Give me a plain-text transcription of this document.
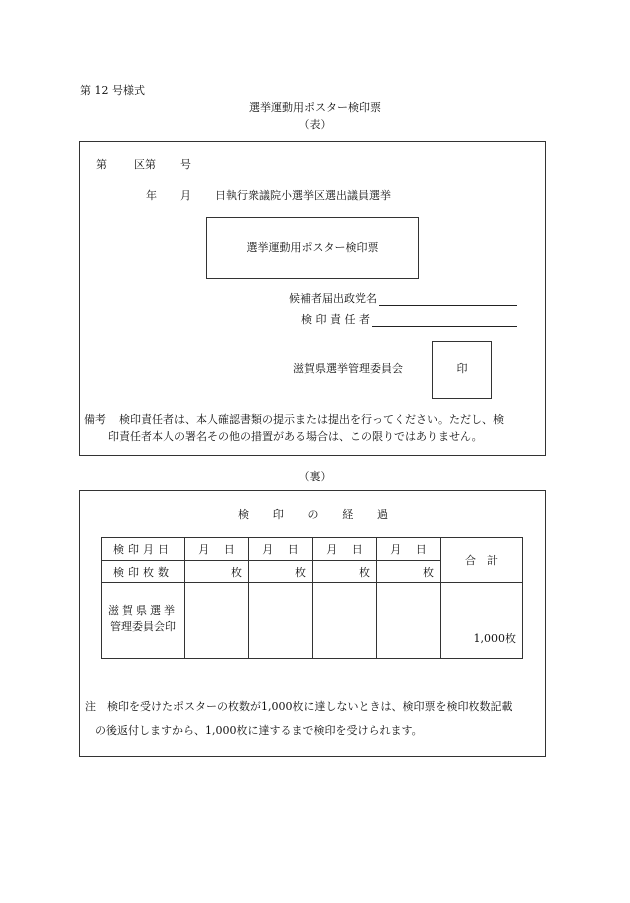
第 12 号様式
選挙運動用ポスター検印票
（表）
第 区第 号
年 月 日執行衆議院小選挙区選出議員選挙
選挙運動用ポスター検印票
候補者届出政党名
検 印 責 任 者
滋賀県選挙管理委員会	印
備考 検印責任者は、本人確認書類の提示または提出を行ってください。ただし、検
印責任者本人の署名その他の措置がある場合は、この限りではありません。
（裏）
検 印 の 経 過
検印月日	月 日	月 日	月 日	月 日	合　計
検印枚数	枚	枚	枚	枚	

滋賀県選挙
管理委員会印					1,000枚
注 検印を受けたポスターの枚数が1,000枚に達しないときは、検印票を検印枚数記載
の後返付しますから、1,000枚に達するまで検印を受けられます。
